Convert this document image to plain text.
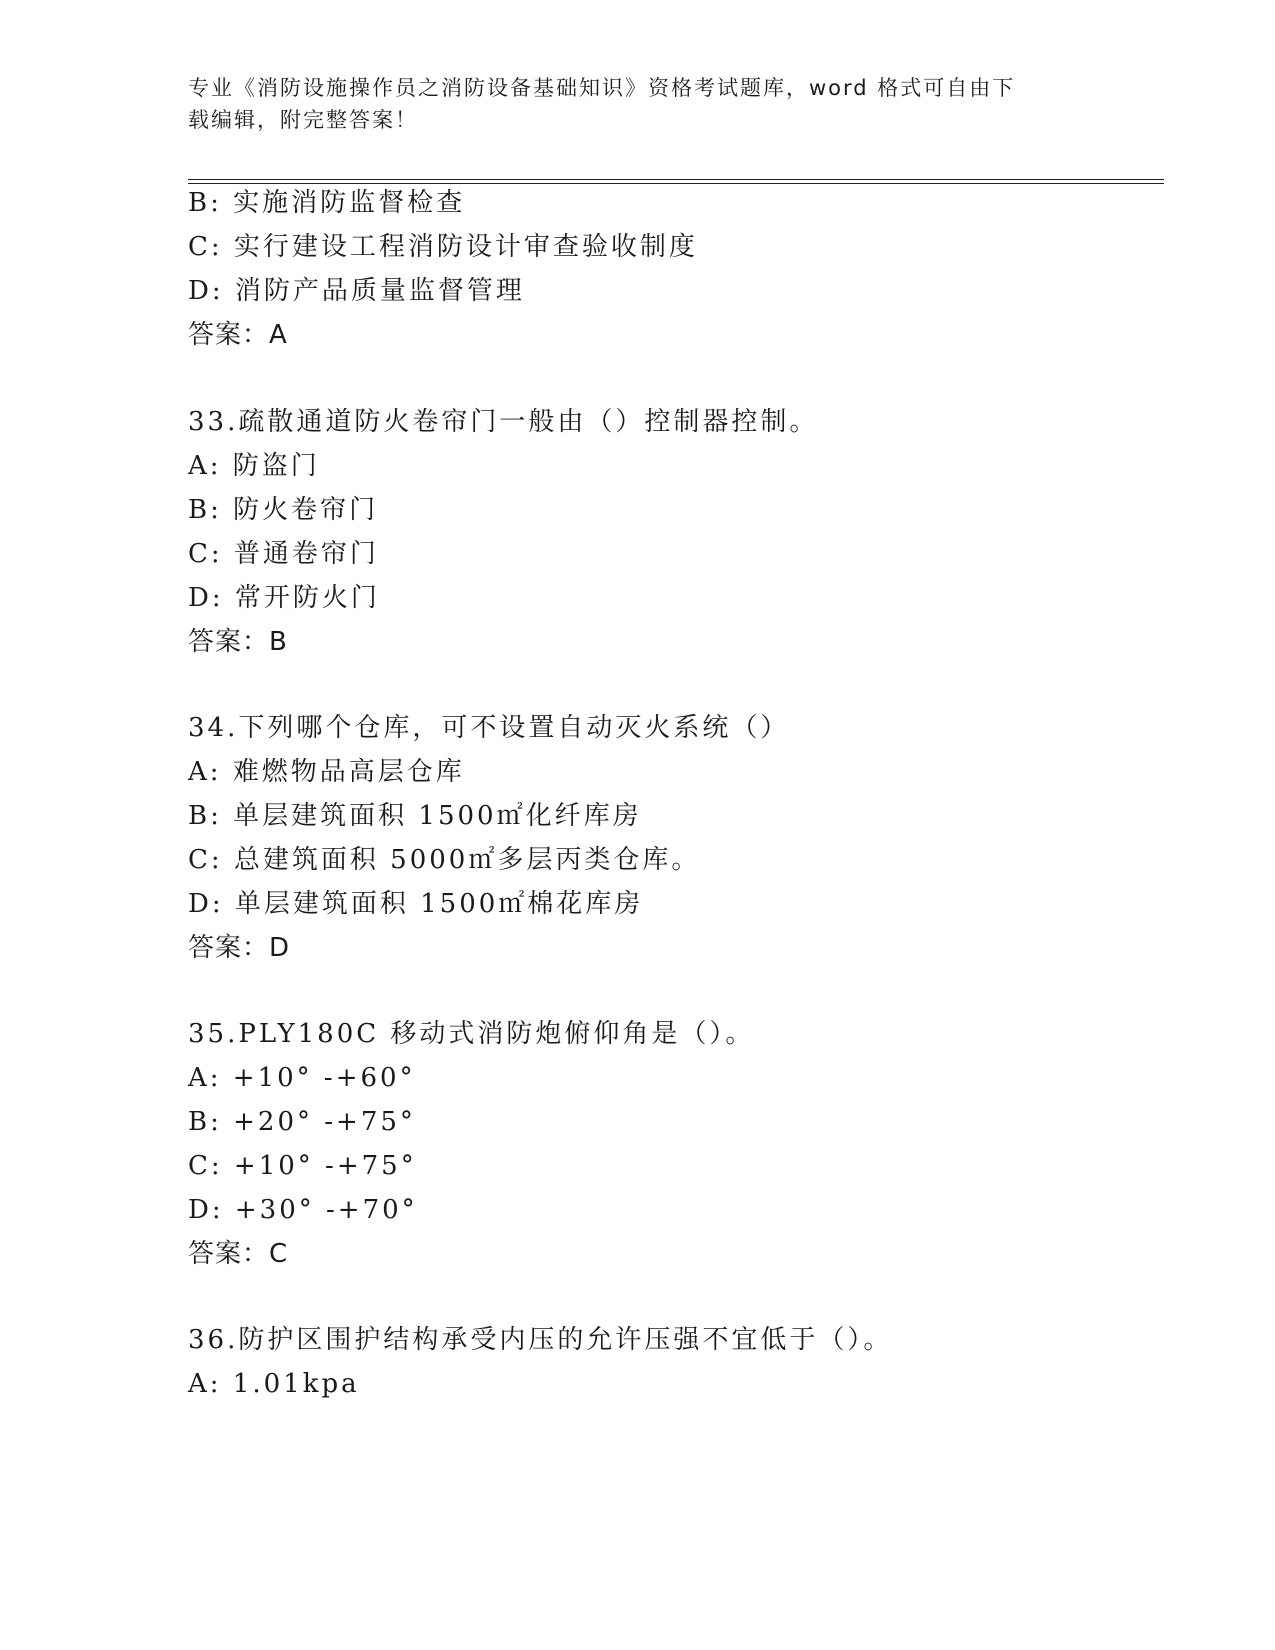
专业《消防设施操作员之消防设备基础知识》资格考试题库，word 格式可自由下
载编辑，附完整答案！
B: 实施消防监督检查
C: 实行建设工程消防设计审查验收制度
D: 消防产品质量监督管理
答案：A
33.疏散通道防火卷帘门一般由（）控制器控制。
A: 防盗门
B: 防火卷帘门
C: 普通卷帘门
D: 常开防火门
答案：B
34.下列哪个仓库，可不设置自动灭火系统（）
A: 难燃物品高层仓库
B: 单层建筑面积 1500㎡化纤库房
C: 总建筑面积 5000㎡多层丙类仓库。
D: 单层建筑面积 1500㎡棉花库房
答案：D
35.PLY180C 移动式消防炮俯仰角是（）。
A: +10° -+60°
B: +20° -+75°
C: +10° -+75°
D: +30° -+70°
答案：C
36.防护区围护结构承受内压的允许压强不宜低于（）。
A: 1.01kpa
